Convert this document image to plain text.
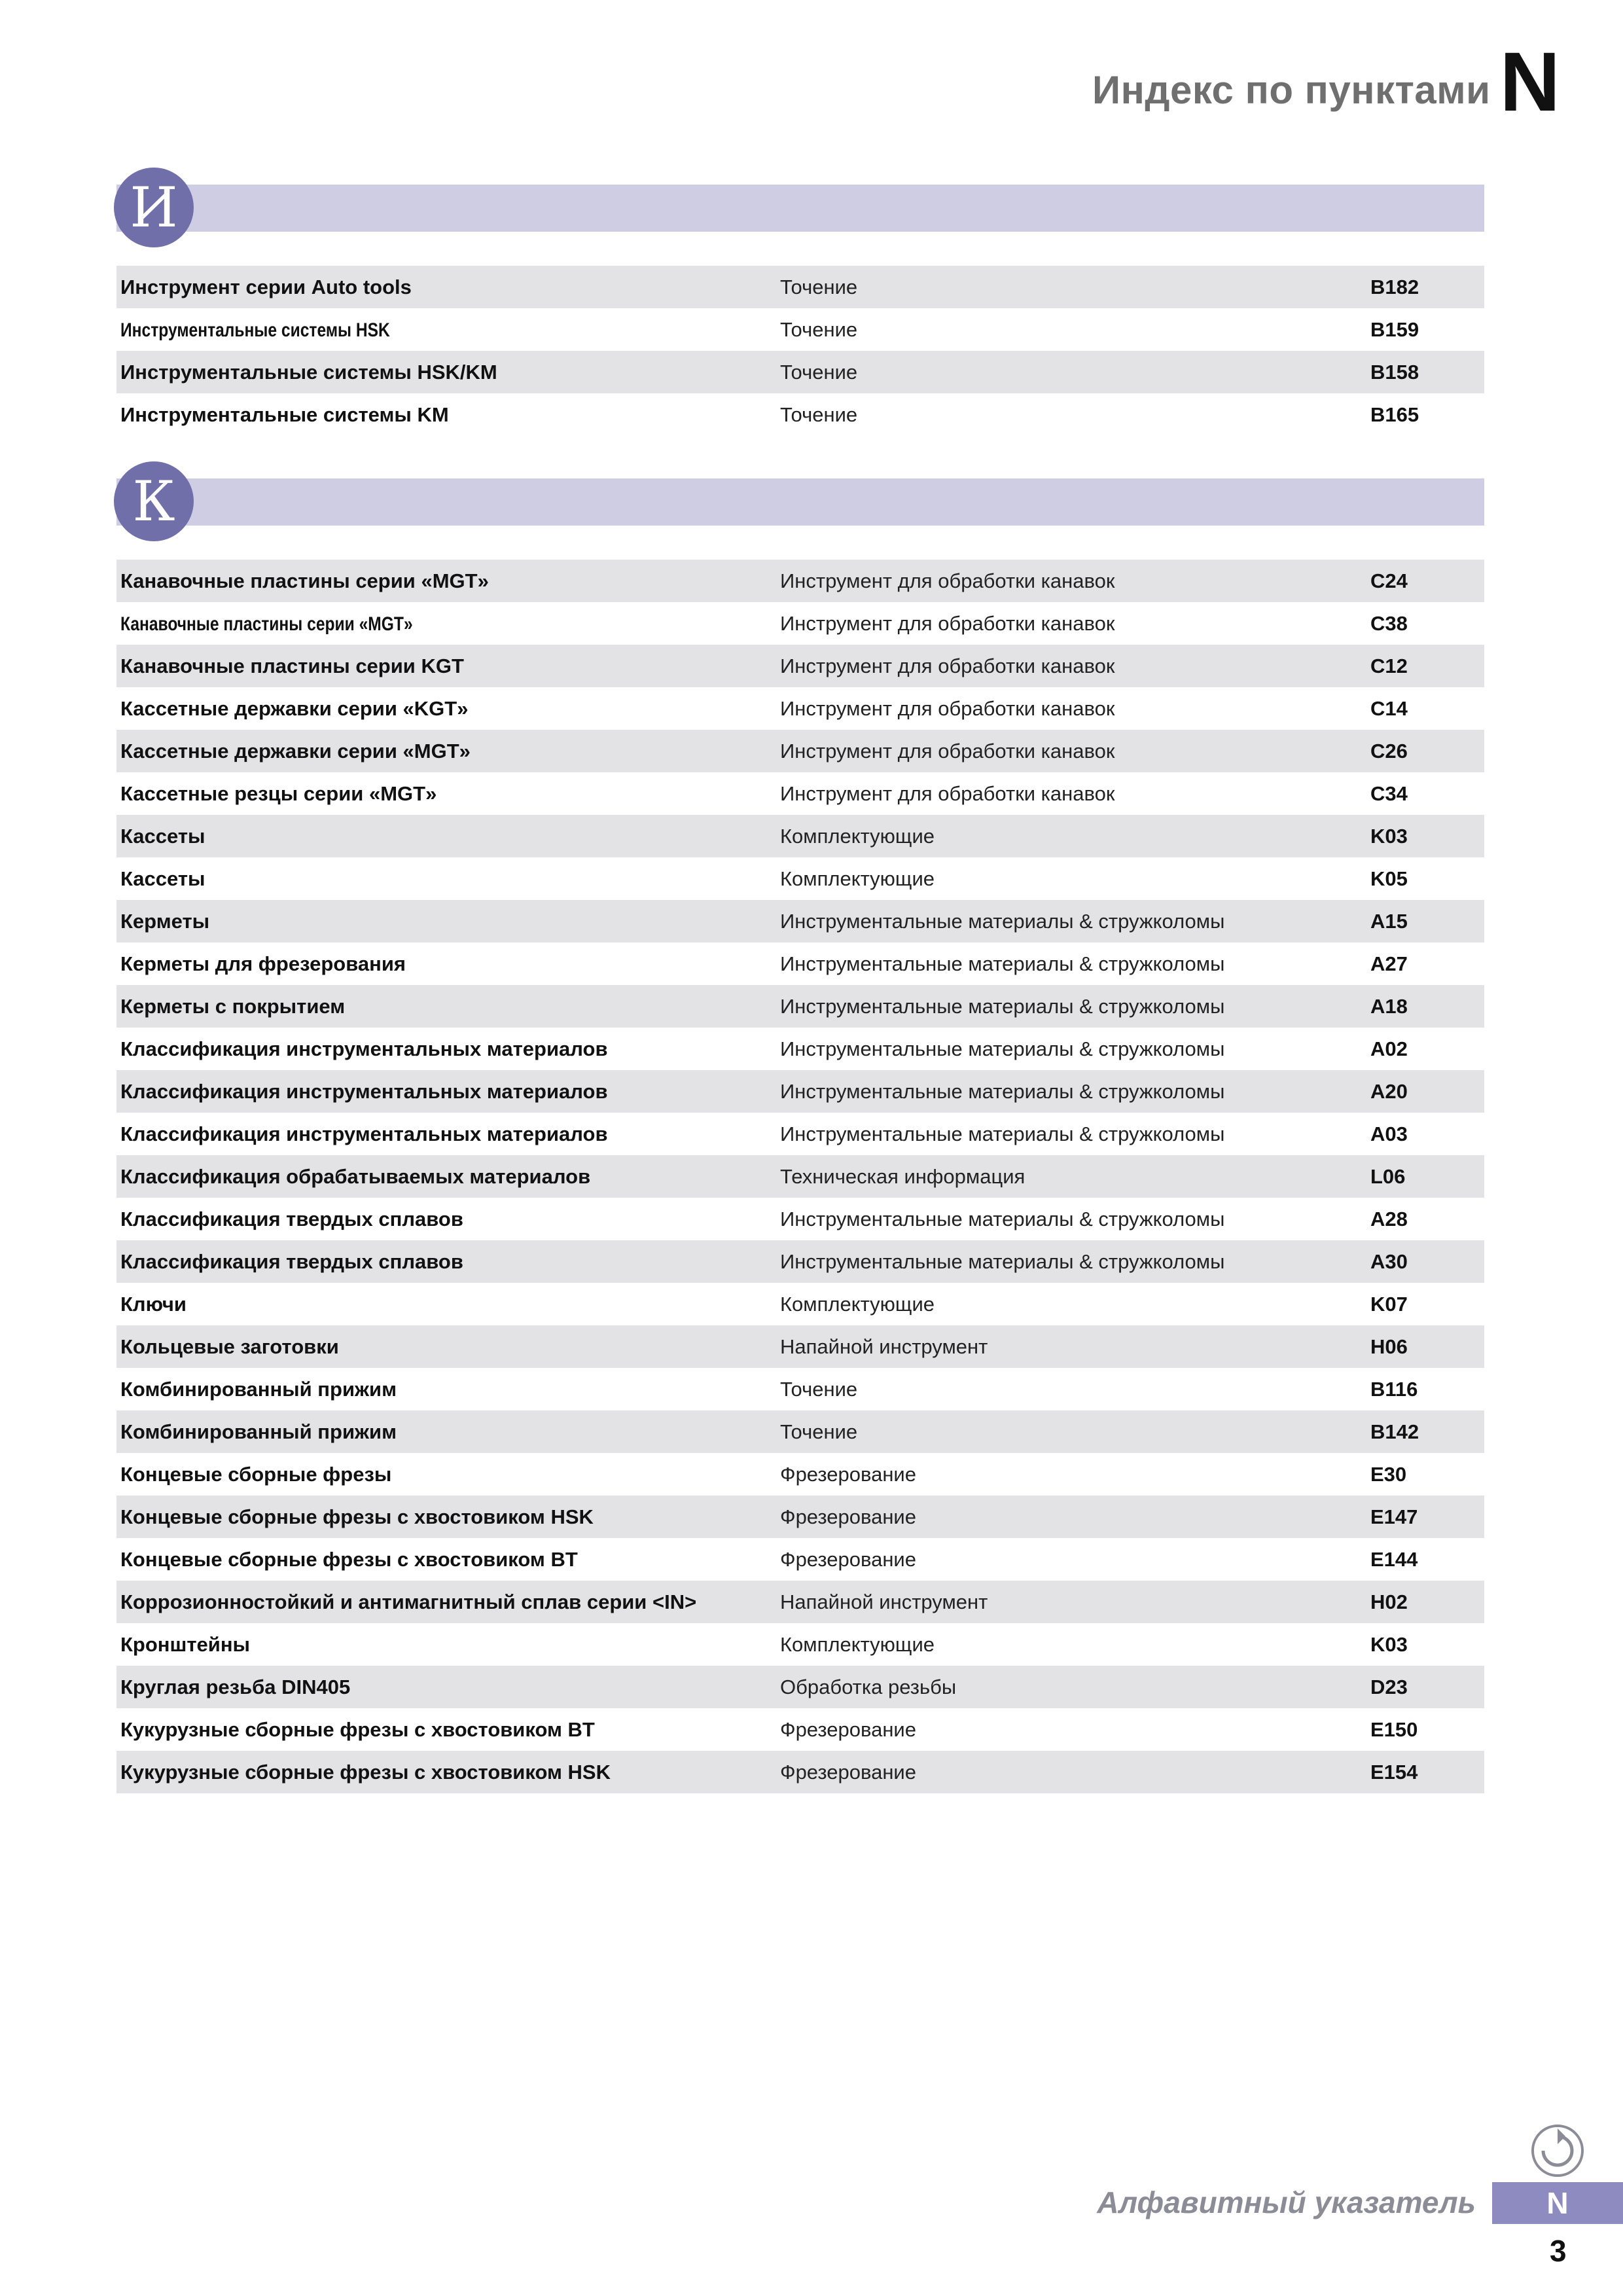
Индекс по пунктами N
И
Инструмент серии Auto tools	Точение	B182
Инструментальные системы HSK	Точение	B159
Инструментальные системы HSK/KM	Точение	B158
Инструментальные системы KM	Точение	B165
К
Канавочные пластины серии «MGT»	Инструмент для обработки канавок	C24
Канавочные пластины серии «MGT»	Инструмент для обработки канавок	C38
Канавочные пластины серии KGT	Инструмент для обработки канавок	C12
Кассетные державки серии «KGT»	Инструмент для обработки канавок	C14
Кассетные державки серии «MGT»	Инструмент для обработки канавок	C26
Кассетные резцы серии «MGT»	Инструмент для обработки канавок	C34
Кассеты	Комплектующие	K03
Кассеты	Комплектующие	K05
Керметы	Инструментальные материалы & стружколомы	A15
Керметы для фрезерования	Инструментальные материалы & стружколомы	A27
Керметы с покрытием	Инструментальные материалы & стружколомы	A18
Классификация инструментальных материалов	Инструментальные материалы & стружколомы	A02
Классификация инструментальных материалов	Инструментальные материалы & стружколомы	A20
Классификация инструментальных материалов	Инструментальные материалы & стружколомы	A03
Классификация обрабатываемых материалов	Техническая информация	L06
Классификация твердых сплавов	Инструментальные материалы & стружколомы	A28
Классификация твердых сплавов	Инструментальные материалы & стружколомы	A30
Ключи	Комплектующие	K07
Кольцевые заготовки	Напайной инструмент	H06
Комбинированный прижим	Точение	B116
Комбинированный прижим	Точение	B142
Концевые сборные фрезы	Фрезерование	E30
Концевые сборные фрезы с хвостовиком HSK	Фрезерование	E147
Концевые сборные фрезы с хвостовиком BT	Фрезерование	E144
Коррозионностойкий и антимагнитный сплав серии <IN>	Напайной инструмент	H02
Кронштейны	Комплектующие	K03
Круглая резьба DIN405	Обработка резьбы	D23
Кукурузные сборные фрезы с хвостовиком BT	Фрезерование	E150
Кукурузные сборные фрезы с хвостовиком HSK	Фрезерование	E154
Алфавитный указатель	N
3
